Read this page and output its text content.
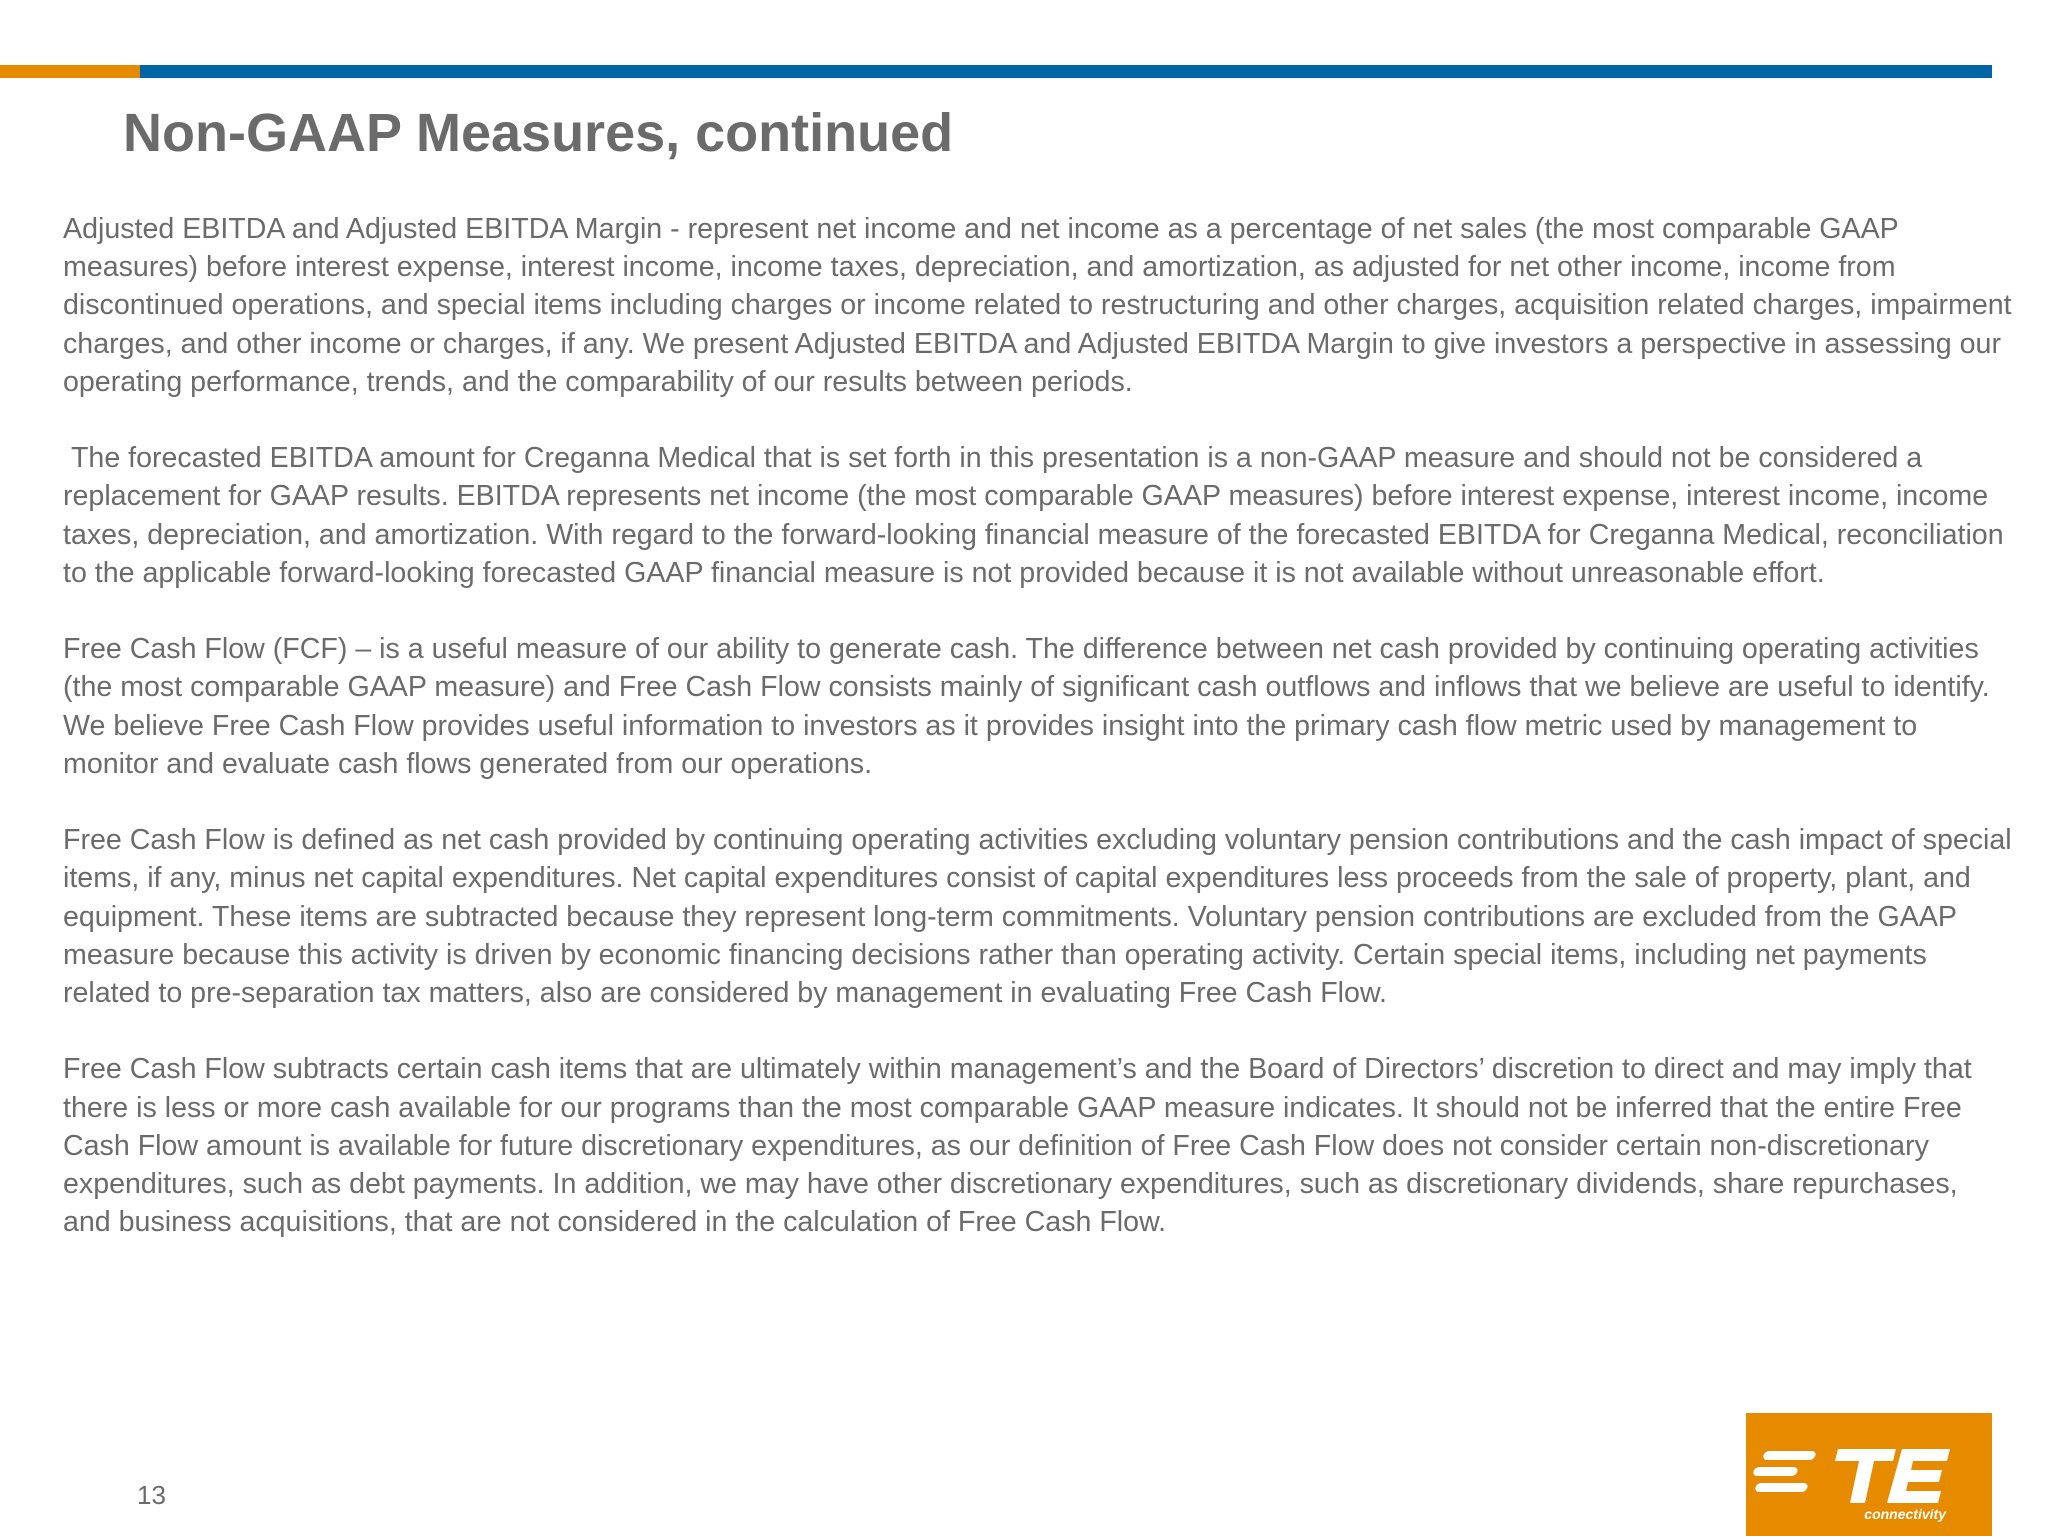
Non-GAAP Measures, continued

Adjusted EBITDA and Adjusted EBITDA Margin - represent net income and net income as a percentage of net sales (the most comparable GAAP measures) before interest expense, interest income, income taxes, depreciation, and amortization, as adjusted for net other income, income from discontinued operations, and special items including charges or income related to restructuring and other charges, acquisition related charges, impairment charges, and other income or charges, if any. We present Adjusted EBITDA and Adjusted EBITDA Margin to give investors a perspective in assessing our operating performance, trends, and the comparability of our results between periods.

The forecasted EBITDA amount for Creganna Medical that is set forth in this presentation is a non-GAAP measure and should not be considered a replacement for GAAP results. EBITDA represents net income (the most comparable GAAP measures) before interest expense, interest income, income taxes, depreciation, and amortization. With regard to the forward-looking financial measure of the forecasted EBITDA for Creganna Medical, reconciliation to the applicable forward-looking forecasted GAAP financial measure is not provided because it is not available without unreasonable effort.

Free Cash Flow (FCF) – is a useful measure of our ability to generate cash. The difference between net cash provided by continuing operating activities (the most comparable GAAP measure) and Free Cash Flow consists mainly of significant cash outflows and inflows that we believe are useful to identify. We believe Free Cash Flow provides useful information to investors as it provides insight into the primary cash flow metric used by management to monitor and evaluate cash flows generated from our operations.

Free Cash Flow is defined as net cash provided by continuing operating activities excluding voluntary pension contributions and the cash impact of special items, if any, minus net capital expenditures. Net capital expenditures consist of capital expenditures less proceeds from the sale of property, plant, and equipment. These items are subtracted because they represent long-term commitments. Voluntary pension contributions are excluded from the GAAP measure because this activity is driven by economic financing decisions rather than operating activity. Certain special items, including net payments related to pre-separation tax matters, also are considered by management in evaluating Free Cash Flow.

Free Cash Flow subtracts certain cash items that are ultimately within management’s and the Board of Directors’ discretion to direct and may imply that there is less or more cash available for our programs than the most comparable GAAP measure indicates. It should not be inferred that the entire Free Cash Flow amount is available for future discretionary expenditures, as our definition of Free Cash Flow does not consider certain non-discretionary expenditures, such as debt payments. In addition, we may have other discretionary expenditures, such as discretionary dividends, share repurchases, and business acquisitions, that are not considered in the calculation of Free Cash Flow.

13
connectivity
